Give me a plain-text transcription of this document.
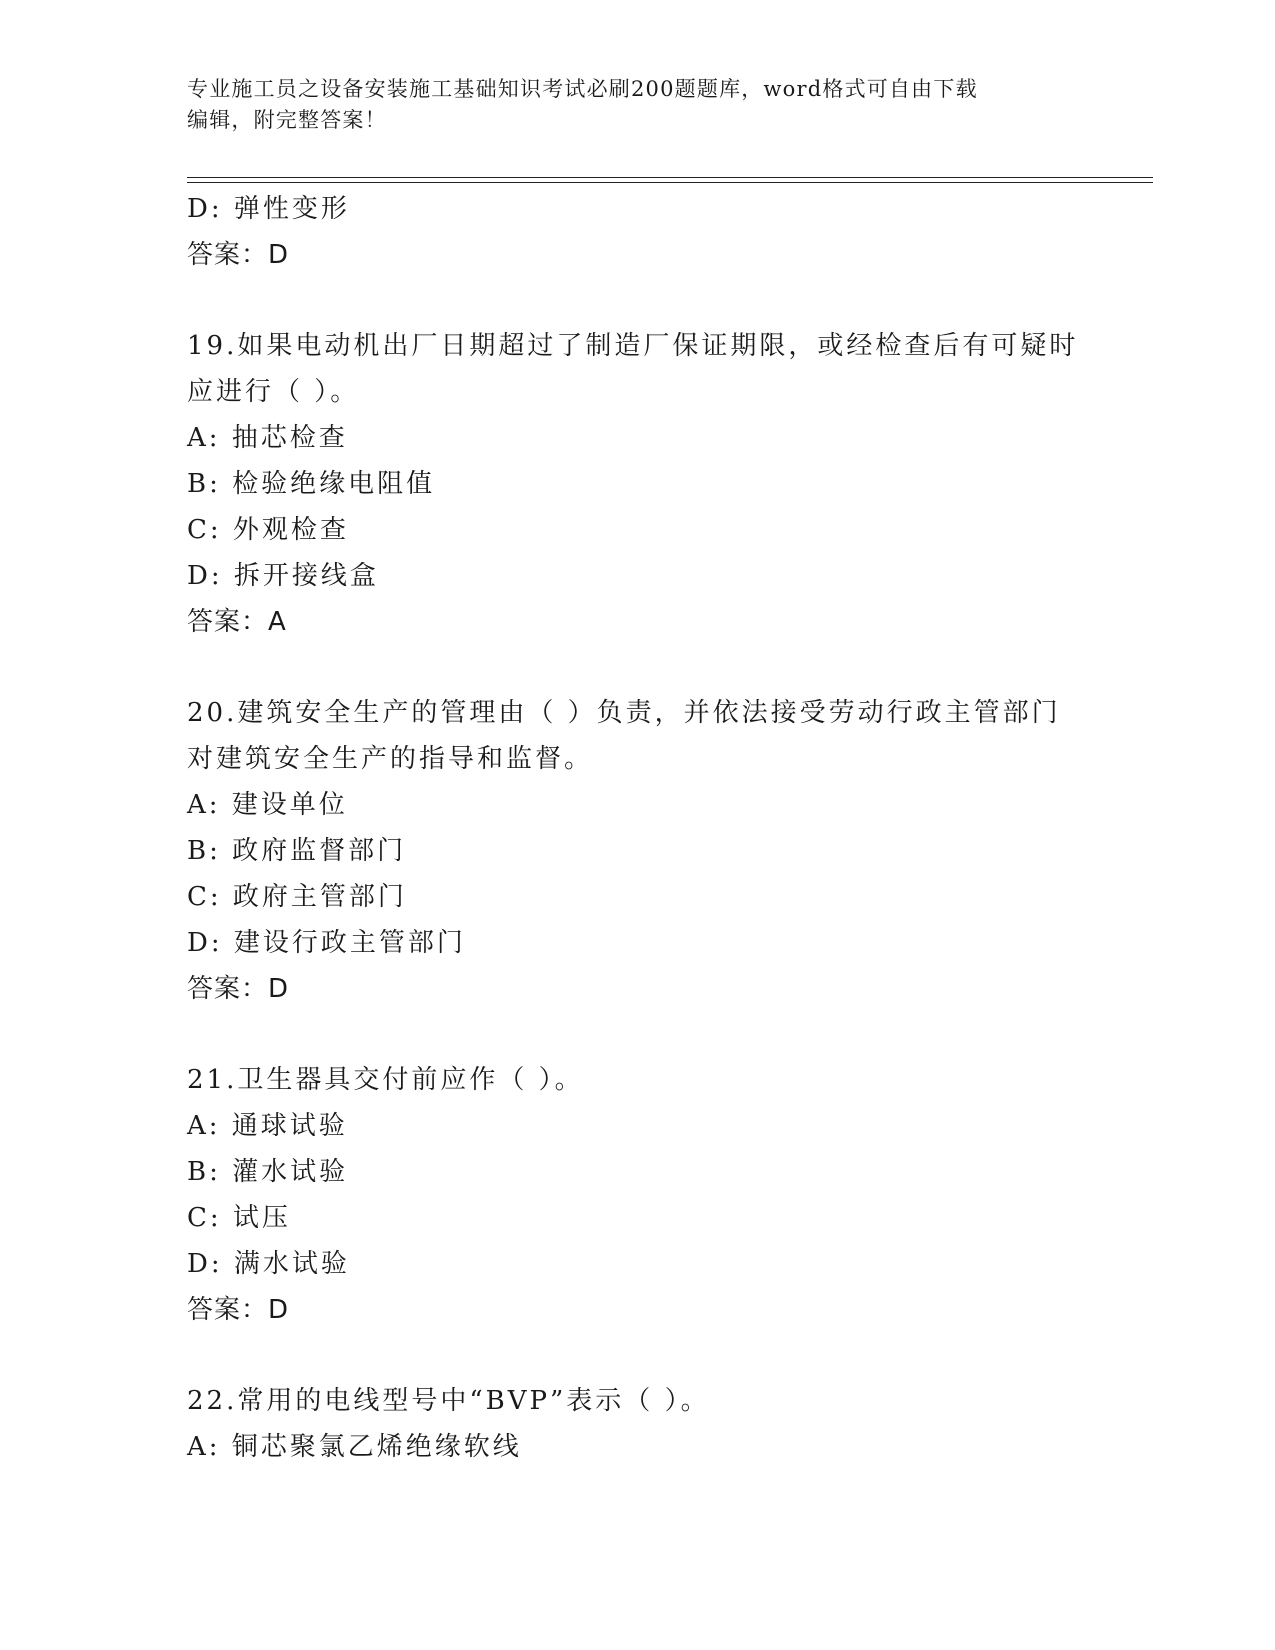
专业施工员之设备安装施工基础知识考试必刷200题题库，word格式可自由下载
编辑，附完整答案！
D: 弹性变形
答案：D
19.如果电动机出厂日期超过了制造厂保证期限，或经检查后有可疑时
应进行（ ）。
A: 抽芯检查
B: 检验绝缘电阻值
C: 外观检查
D: 拆开接线盒
答案：A
20.建筑安全生产的管理由（ ）负责，并依法接受劳动行政主管部门
对建筑安全生产的指导和监督。
A: 建设单位
B: 政府监督部门
C: 政府主管部门
D: 建设行政主管部门
答案：D
21.卫生器具交付前应作（ ）。
A: 通球试验
B: 灌水试验
C: 试压
D: 满水试验
答案：D
22.常用的电线型号中“BVP”表示（ ）。
A: 铜芯聚氯乙烯绝缘软线
